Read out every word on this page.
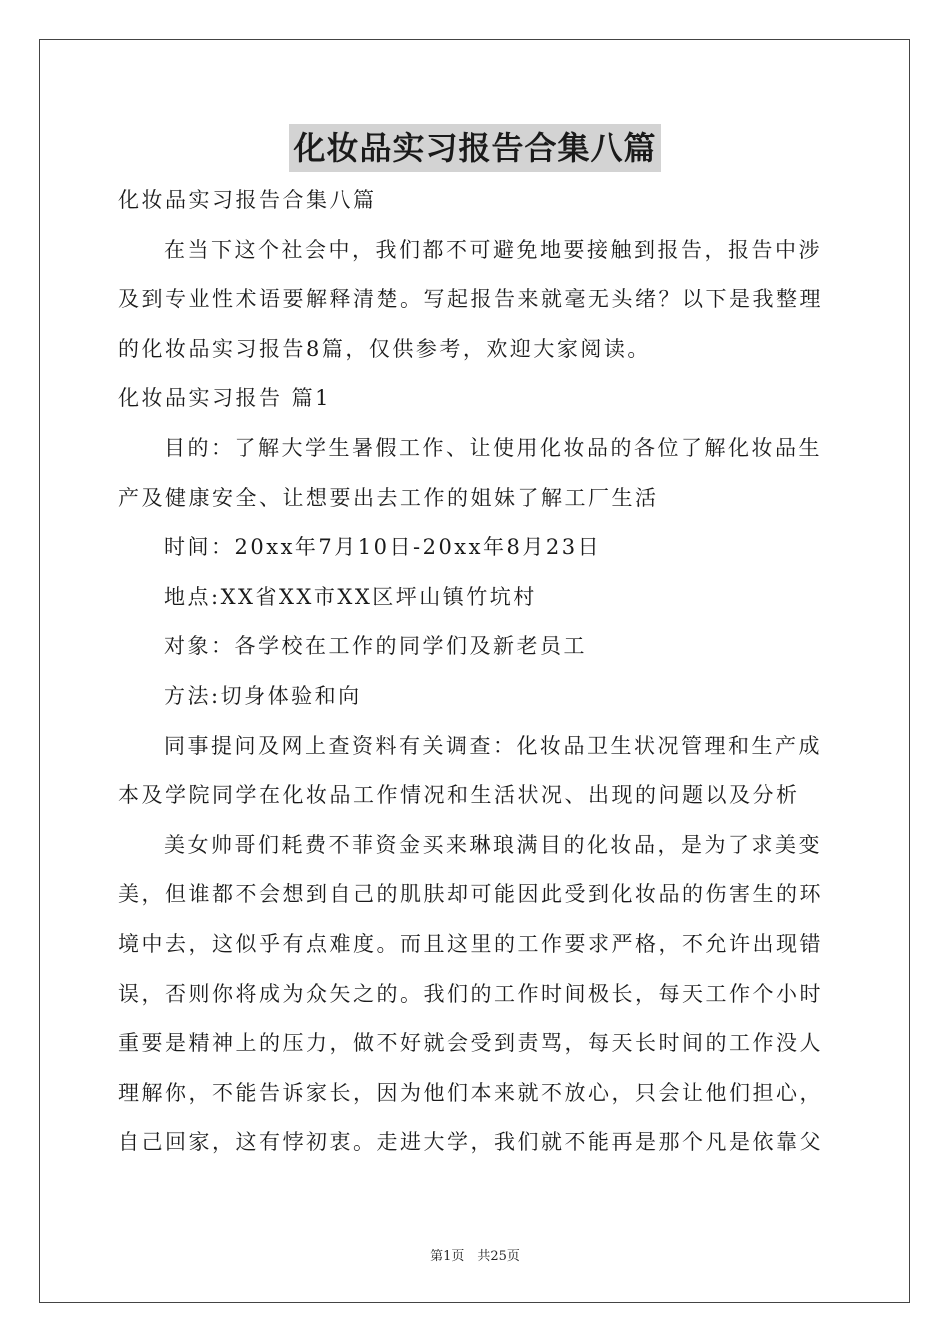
化妆品实习报告合集八篇
化妆品实习报告合集八篇
在当下这个社会中，我们都不可避免地要接触到报告，报告中涉
及到专业性术语要解释清楚。写起报告来就毫无头绪？以下是我整理
的化妆品实习报告8篇，仅供参考，欢迎大家阅读。
化妆品实习报告 篇1
目的：了解大学生暑假工作、让使用化妆品的各位了解化妆品生
产及健康安全、让想要出去工作的姐妹了解工厂生活
时间：20xx年7月10日-20xx年8月23日
地点:XX省XX市XX区坪山镇竹坑村
对象：各学校在工作的同学们及新老员工
方法:切身体验和向
同事提问及网上查资料有关调查：化妆品卫生状况管理和生产成
本及学院同学在化妆品工作情况和生活状况、出现的问题以及分析
美女帅哥们耗费不菲资金买来琳琅满目的化妆品，是为了求美变
美，但谁都不会想到自己的肌肤却可能因此受到化妆品的伤害生的环
境中去，这似乎有点难度。而且这里的工作要求严格，不允许出现错
误，否则你将成为众矢之的。我们的工作时间极长，每天工作个小时
重要是精神上的压力，做不好就会受到责骂，每天长时间的工作没人
理解你，不能告诉家长，因为他们本来就不放心，只会让他们担心，
自己回家，这有悖初衷。走进大学，我们就不能再是那个凡是依靠父
第1页　共25页
